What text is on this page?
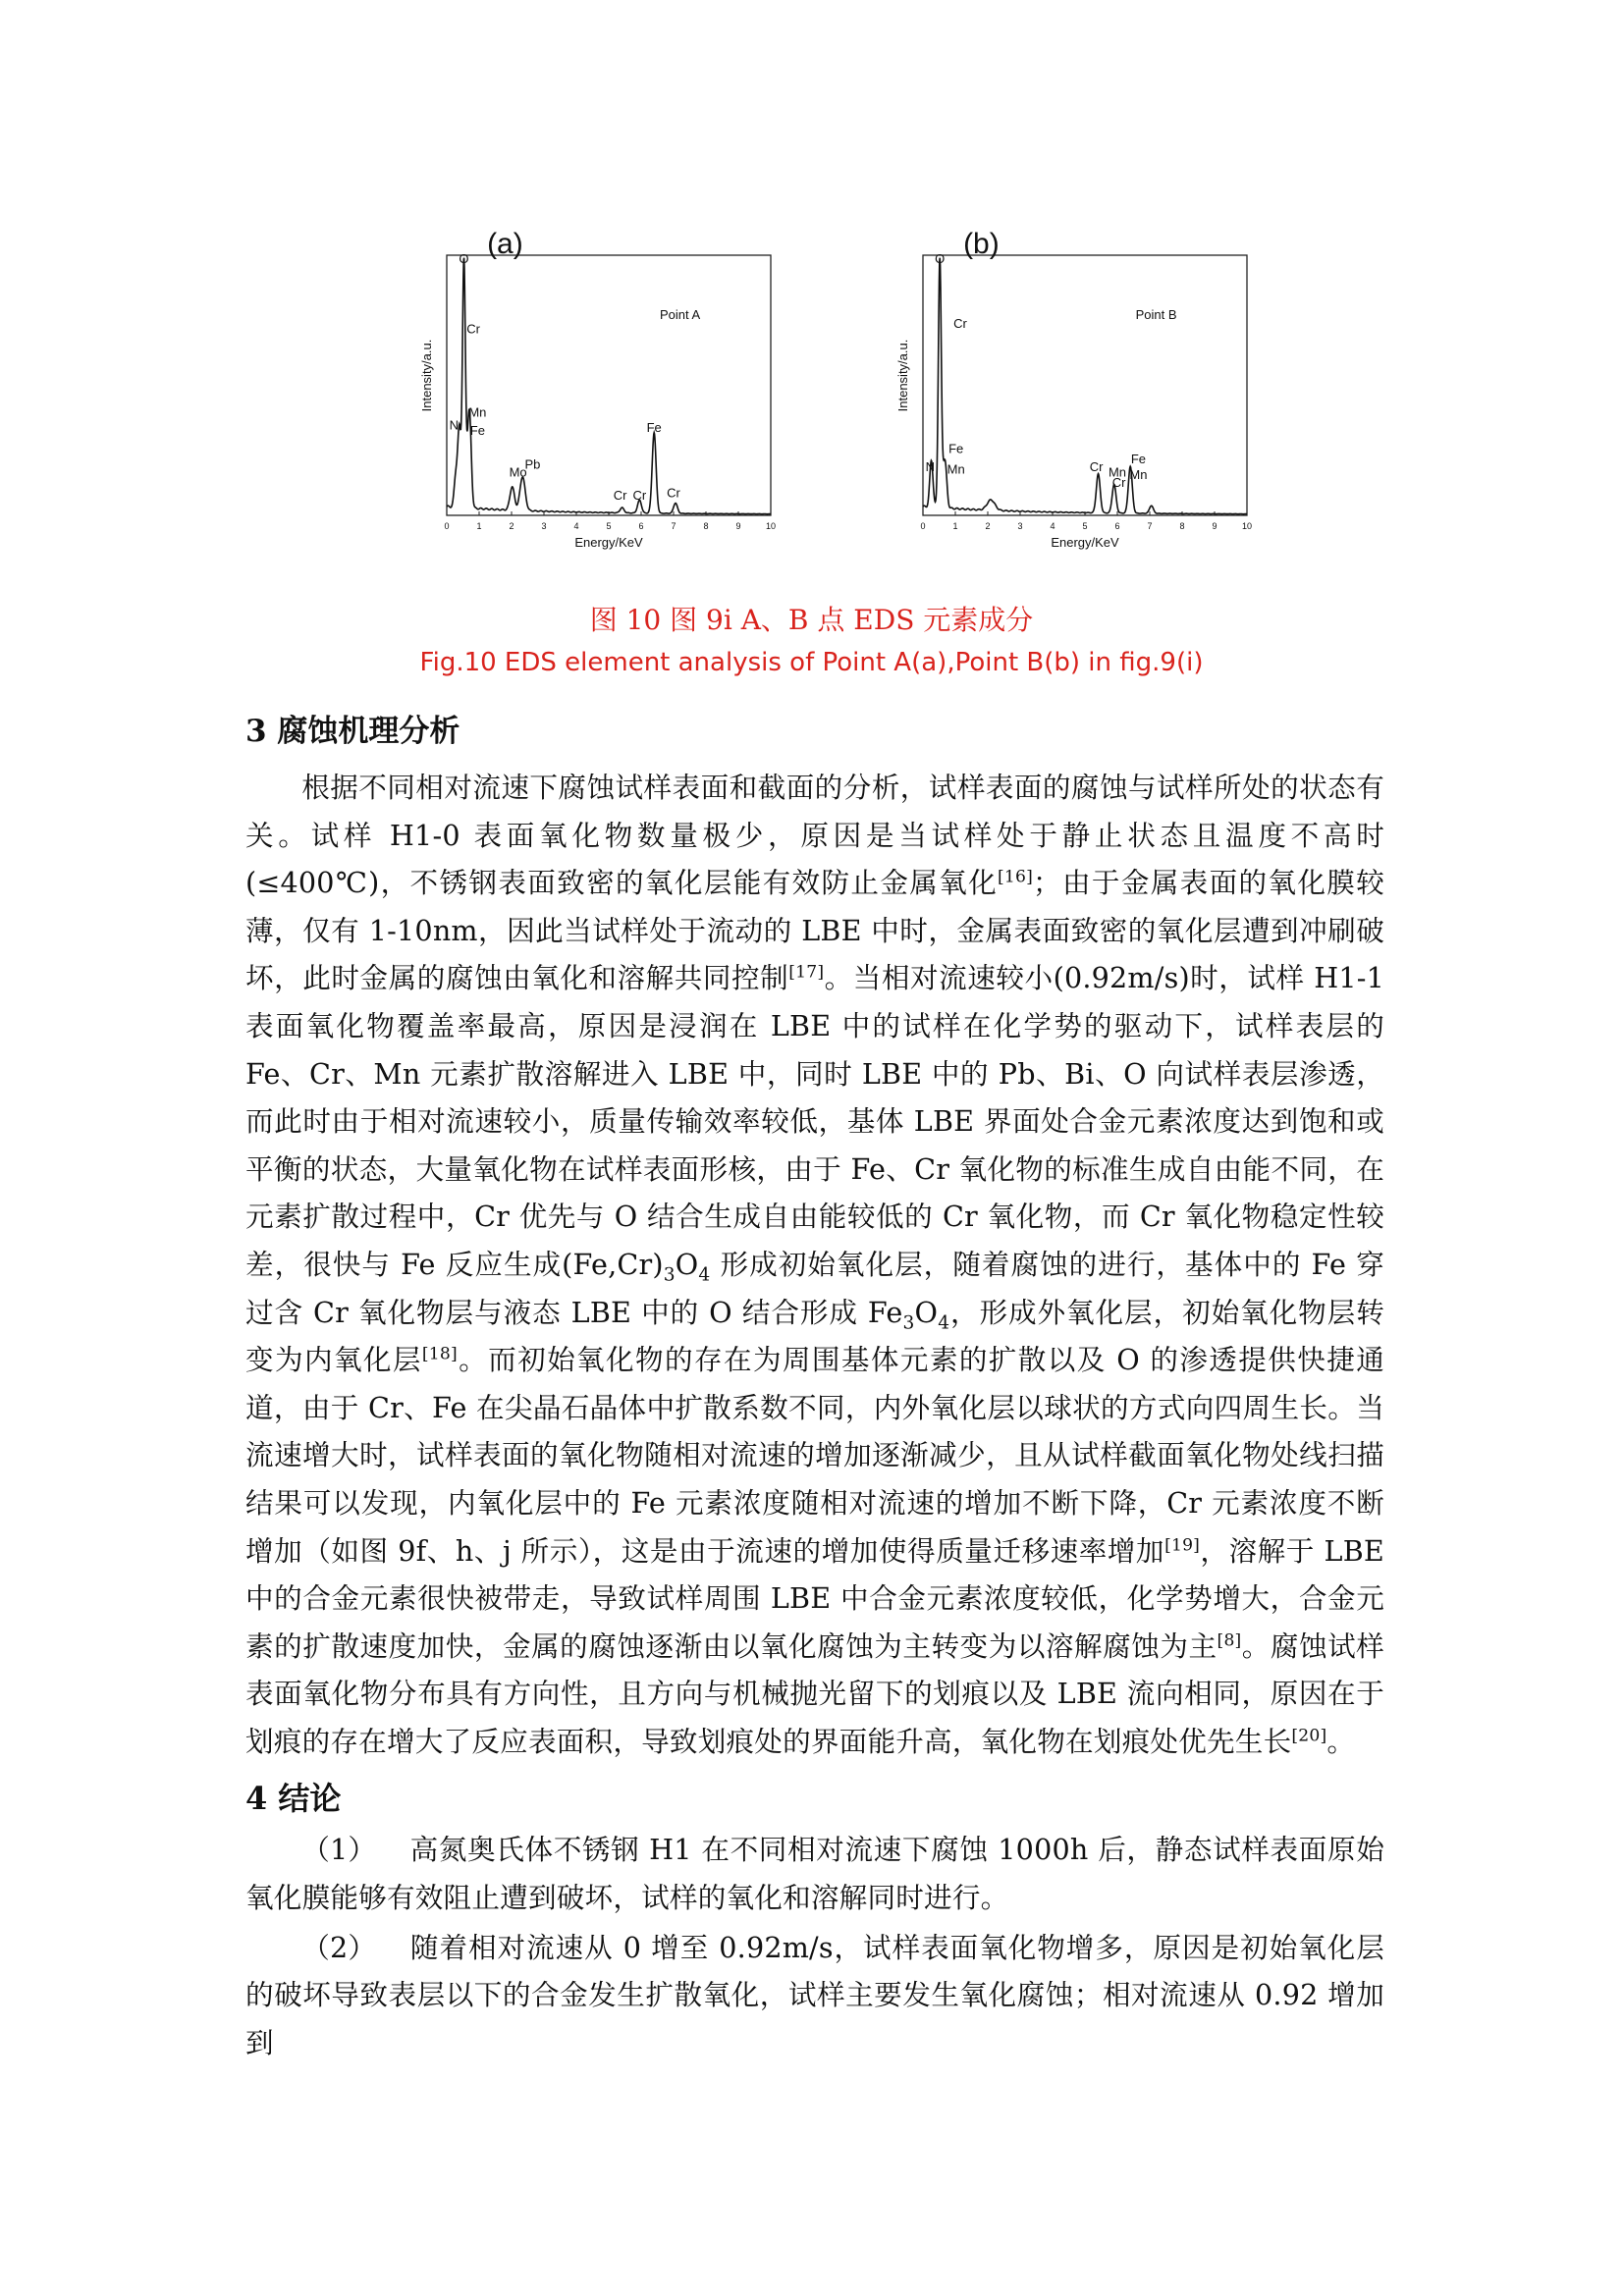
0	1	2	3	4	5	6	7	8	9	10
O
Cr
Mn
N Fe
Pb
Mo
Fe
Cr Cr Cr
(a)
Point A
Energy/KeV
Intensity/a.u.
0	1	2	3	4	5	6	7	8	9	10
O
Cr
N
Fe
Mn	Cr Mn
Cr
Fe
Mn
(b)
Point B
Energy/KeV
Intensity/a.u.
图 10 图 9i A、B 点 EDS 元素成分
Fig.10 EDS element analysis of Point A(a),Point B(b) in fig.9(i)
3 腐蚀机理分析

根据不同相对流速下腐蚀试样表面和截面的分析，试样表面的腐蚀与试样所处的状态有关。试样 H1-0 表面氧化物数量极少，原因是当试样处于静止状态且温度不高时(≤400℃)，不锈钢表面致密的氧化层能有效防止金属氧化[16]；由于金属表面的氧化膜较薄，仅有 1-10nm，因此当试样处于流动的 LBE 中时，金属表面致密的氧化层遭到冲刷破坏，此时金属的腐蚀由氧化和溶解共同控制[17]。当相对流速较小(0.92m/s)时，试样 H1-1 表面氧化物覆盖率最高，原因是浸润在 LBE 中的试样在化学势的驱动下，试样表层的 Fe、Cr、Mn 元素扩散溶解进入 LBE 中，同时 LBE 中的 Pb、Bi、O 向试样表层渗透，而此时由于相对流速较小，质量传输效率较低，基体 LBE 界面处合金元素浓度达到饱和或平衡的状态，大量氧化物在试样表面形核，由于 Fe、Cr 氧化物的标准生成自由能不同，在元素扩散过程中，Cr 优先与 O 结合生成自由能较低的 Cr 氧化物，而 Cr 氧化物稳定性较差，很快与 Fe 反应生成$(Fe,Cr)_3O_4$ 形成初始氧化层，随着腐蚀的进行，基体中的 Fe 穿过含 Cr 氧化物层与液态 LBE 中的 O 结合形成 $Fe_3O_4$，形成外氧化层，初始氧化物层转变为内氧化层[18]。而初始氧化物的存在为周围基体元素的扩散以及 O 的渗透提供快捷通道，由于 Cr、Fe 在尖晶石晶体中扩散系数不同，内外氧化层以球状的方式向四周生长。当流速增大时，试样表面的氧化物随相对流速的增加逐渐减少，且从试样截面氧化物处线扫描结果可以发现，内氧化层中的 Fe 元素浓度随相对流速的增加不断下降，Cr 元素浓度不断增加（如图 9f、h、j 所示），这是由于流速的增加使得质量迁移速率增加[19]，溶解于 LBE 中的合金元素很快被带走，导致试样周围 LBE 中合金元素浓度较低，化学势增大，合金元素的扩散速度加快，金属的腐蚀逐渐由以氧化腐蚀为主转变为以溶解腐蚀为主[8]。腐蚀试样表面氧化物分布具有方向性，且方向与机械抛光留下的划痕以及 LBE 流向相同，原因在于划痕的存在增大了反应表面积，导致划痕处的界面能升高，氧化物在划痕处优先生长[20]。

4 结论

（1） 高氮奥氏体不锈钢 H1 在不同相对流速下腐蚀 1000h 后，静态试样表面原始氧化膜能够有效阻止遭到破坏，试样的氧化和溶解同时进行。

（2） 随着相对流速从 0 增至 0.92m/s，试样表面氧化物增多，原因是初始氧化层的破坏导致表层以下的合金发生扩散氧化，试样主要发生氧化腐蚀；相对流速从 0.92 增加到
